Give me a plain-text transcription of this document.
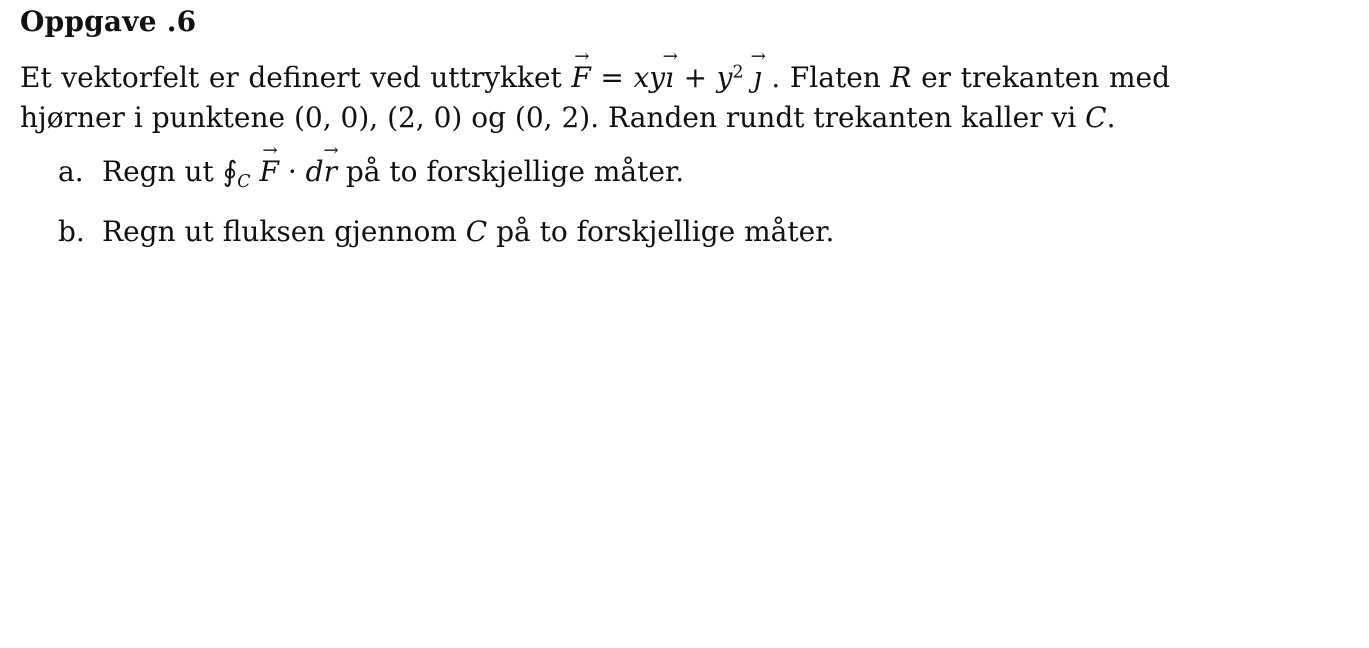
Oppgave .6
Et vektorfelt er definert ved uttrykket → F = xy→ ı + $y^2$ → ȷ . Flaten R er trekanten med hjørner i punktene (0, 0), (2, 0) og (0, 2). Randen rundt trekanten kaller vi C.
a. Regn ut $∮_C \to F \cdot d\to r$ på to forskjellige måter.
b. Regn ut fluksen gjennom C på to forskjellige måter.
